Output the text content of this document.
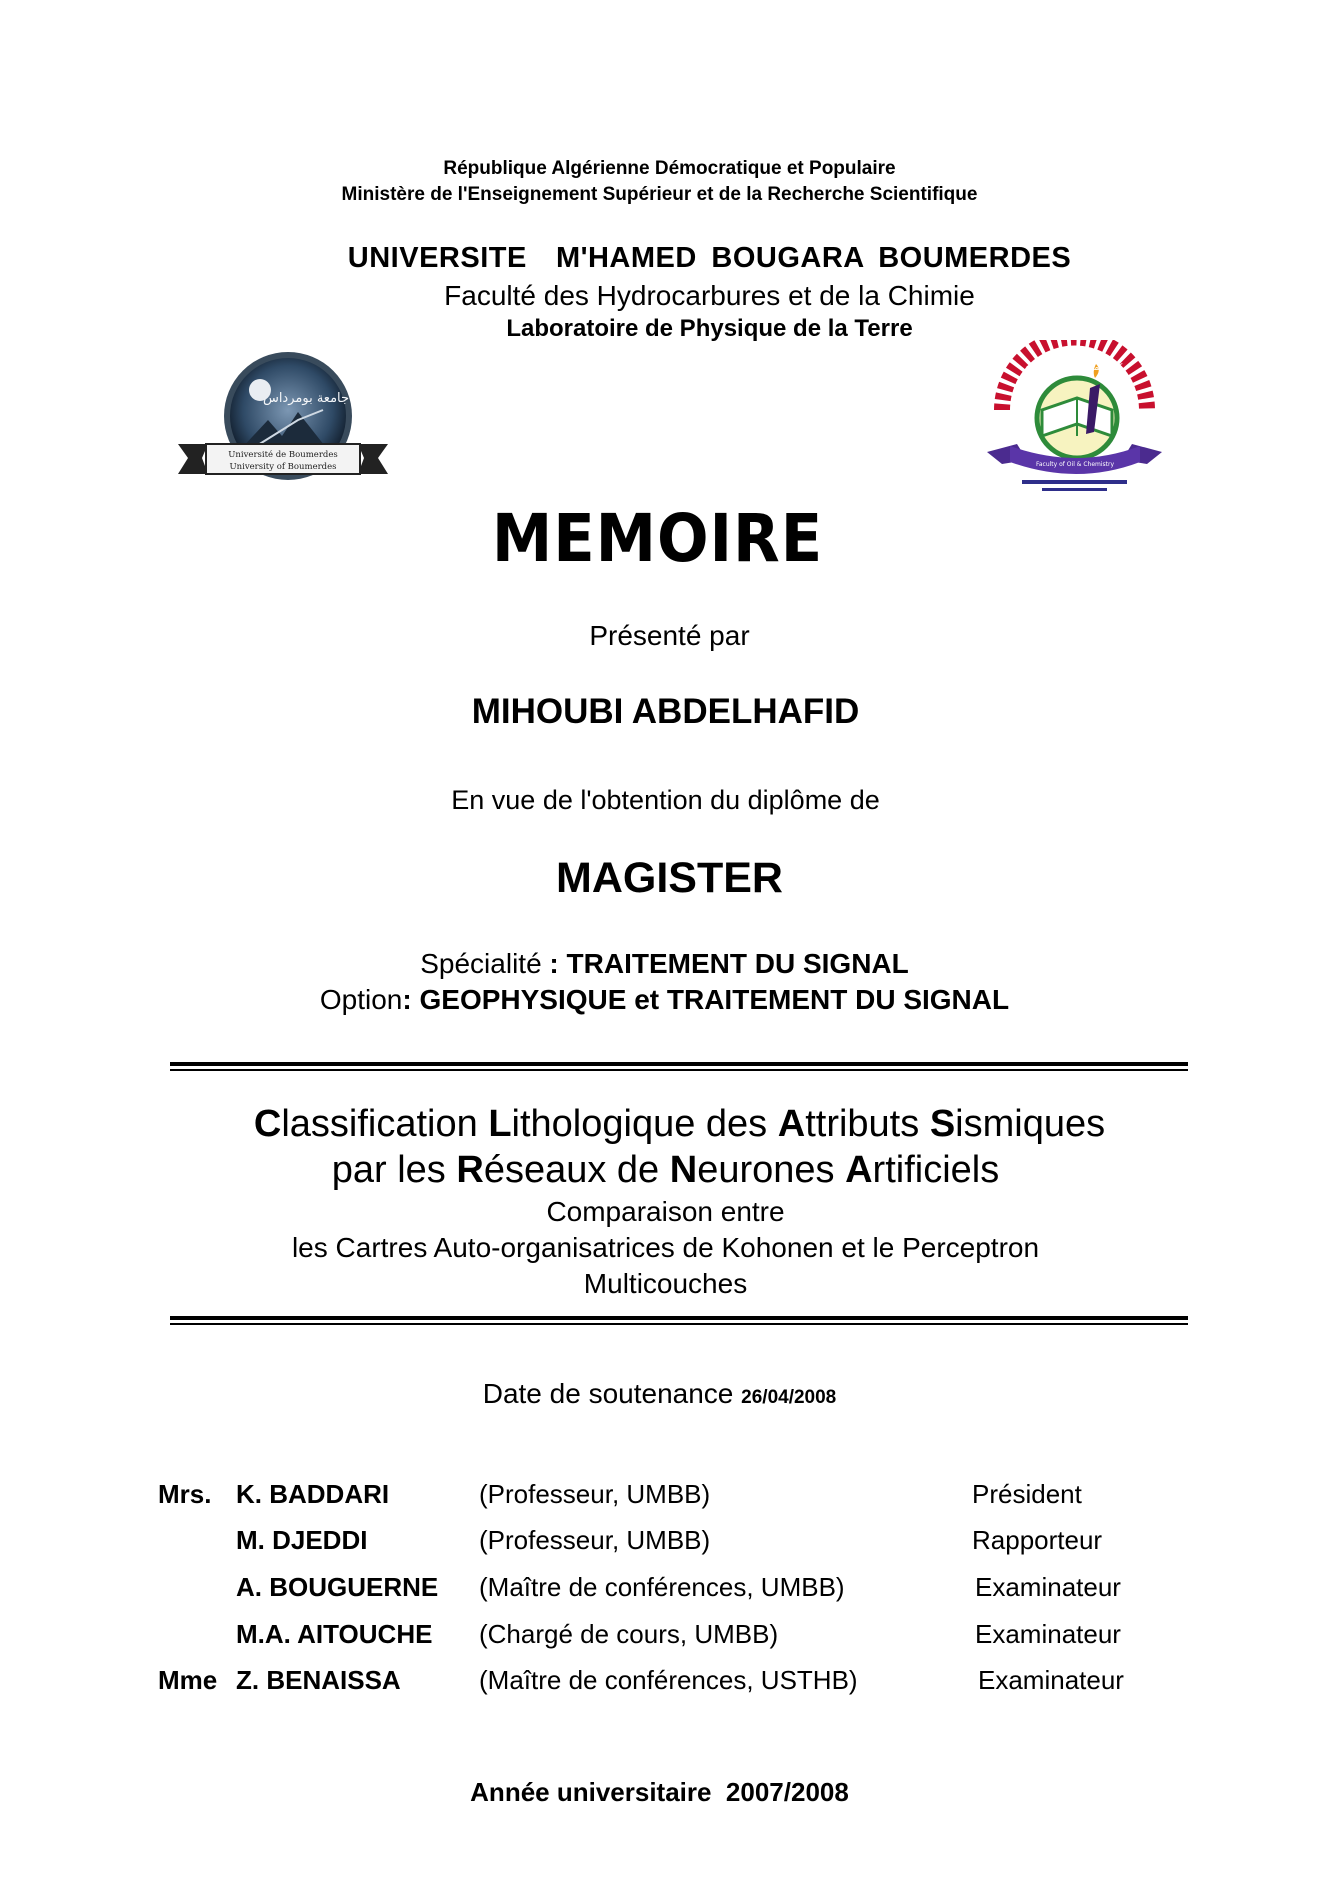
République Algérienne Démocratique et Populaire
Ministère de l'Enseignement Supérieur et de la Recherche Scientifique
UNIVERSITE  M'HAMED BOUGARA BOUMERDES
Faculté des Hydrocarbures et de la Chimie
Laboratoire de Physique de la Terre
Université de Boumerdes
University of Boumerdes
جامعة بومرداس
Faculty of Oil & Chemistry
كلية المحروقات و الكيمياء
MEMOIRE
Présenté par
MIHOUBI ABDELHAFID
En vue de l'obtention du diplôme de
MAGISTER
Spécialité : TRAITEMENT DU SIGNAL
Option: GEOPHYSIQUE et TRAITEMENT DU SIGNAL
Classification Lithologique des Attributs Sismiques
par les Réseaux de Neurones Artificiels
Comparaison entre
les Cartres Auto-organisatrices de Kohonen et le Perceptron
Multicouches
Date de soutenance 26/04/2008
Mrs. K. BADDARI	(Professeur, UMBB)	Président
M. DJEDDI	(Professeur, UMBB)	Rapporteur
A. BOUGUERNE (Maître de conférences, UMBB)	Examinateur
M.A. AITOUCHE (Chargé de cours, UMBB)	Examinateur
Mme Z. BENAISSA	(Maître de conférences, USTHB)	Examinateur
Année universitaire  2007/2008
